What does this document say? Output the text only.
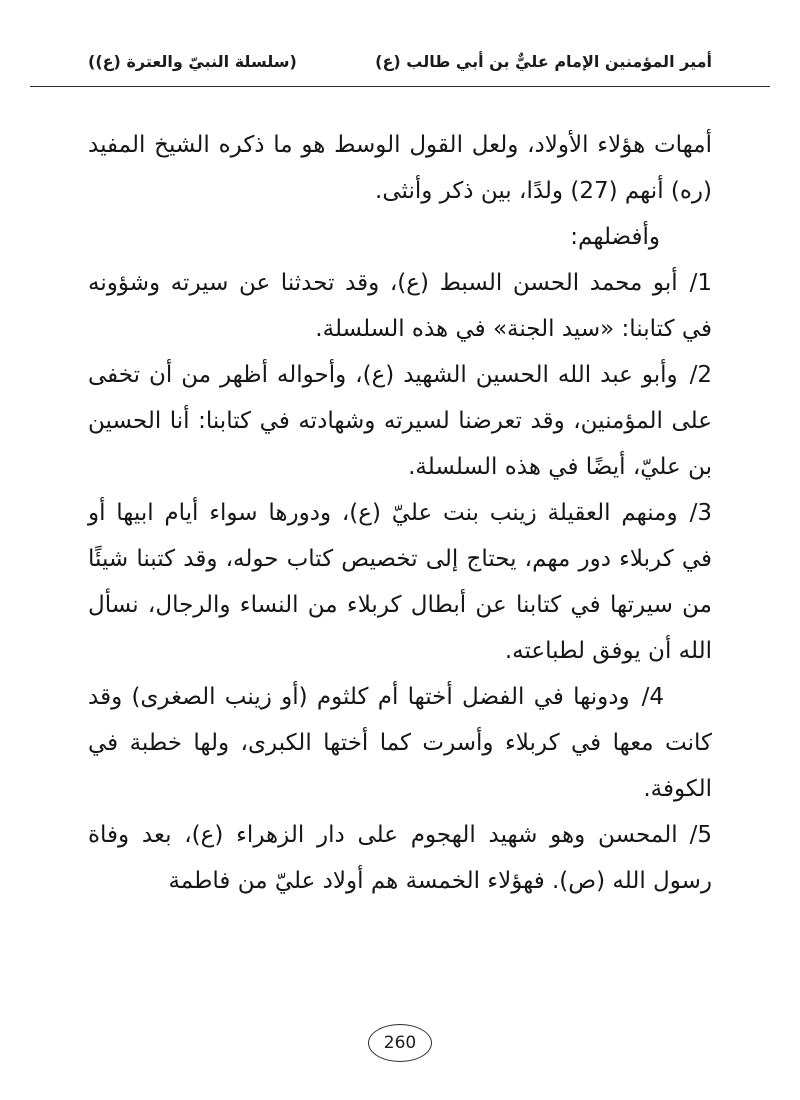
أمير المؤمنين الإمام عليٌّ بن أبي طالب (ع)
(سلسلة النبيّ والعترة (ع))

أمهات هؤلاء الأولاد، ولعل القول الوسط هو ما ذكره الشيخ المفيد (ره) أنهم (27) ولدًا، بين ذكر وأنثى.

وأفضلهم:

1/أبو محمد الحسن السبط (ع)، وقد تحدثنا عن سيرته وشؤونه في كتابنا: «سيد الجنة» في هذه السلسلة.

2/وأبو عبد الله الحسين الشهيد (ع)، وأحواله أظهر من أن تخفى على المؤمنين، وقد تعرضنا لسيرته وشهادته في كتابنا: أنا الحسين بن عليّ، أيضًا في هذه السلسلة.

3/ومنهم العقيلة زينب بنت عليّ (ع)، ودورها سواء أيام ابيها أو في كربلاء دور مهم، يحتاج إلى تخصيص كتاب حوله، وقد كتبنا شيئًا من سيرتها في كتابنا عن أبطال كربلاء من النساء والرجال، نسأل الله أن يوفق لطباعته.

4/ودونها في الفضل أختها أم كلثوم (أو زينب الصغرى) وقد كانت معها في كربلاء وأسرت كما أختها الكبرى، ولها خطبة في الكوفة.

5/المحسن وهو شهيد الهجوم على دار الزهراء (ع)، بعد وفاة رسول الله (ص). فهؤلاء الخمسة هم أولاد عليّ من فاطمة

260
